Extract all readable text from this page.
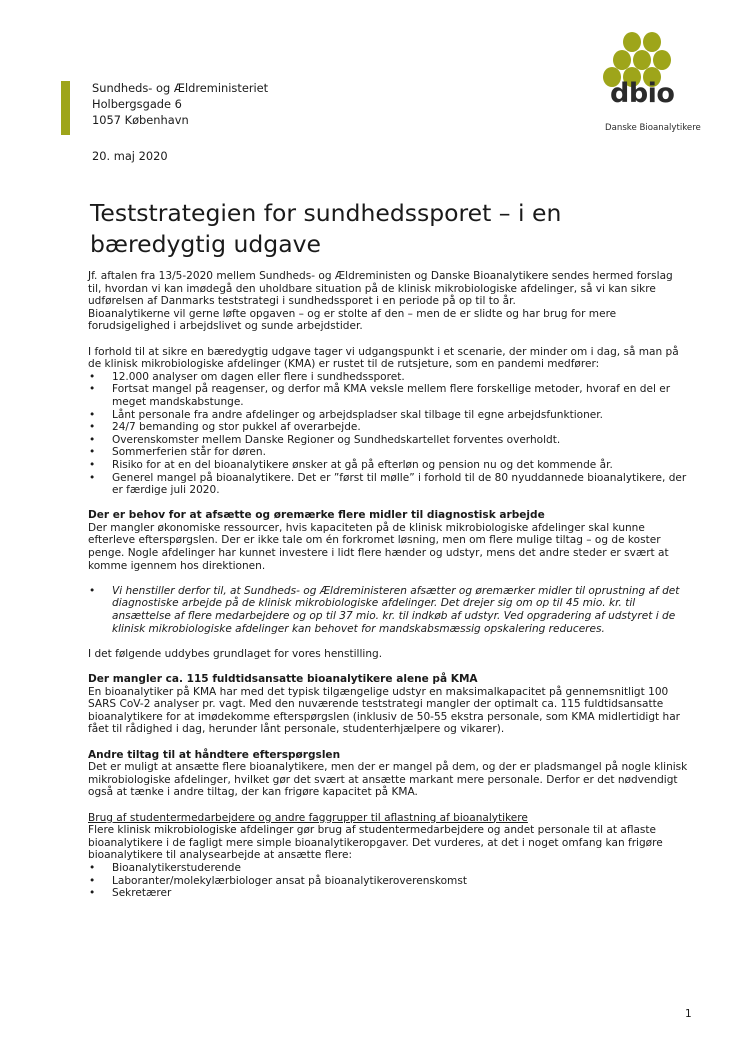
Sundheds- og Ældreministeriet
Holbergsgade 6
1057 København
20. maj 2020
dbio
Danske Bioanalytikere
Teststrategien for sundhedssporet – i en bæredygtig udgave

Jf. aftalen fra 13/5-2020 mellem Sundheds- og Ældreministen og Danske Bioanalytikere sendes hermed forslag til, hvordan vi kan imødegå den uholdbare situation på de klinisk mikrobiologiske afdelinger, så vi kan sikre udførelsen af Danmarks teststrategi i sundhedssporet i en periode på op til to år.

Bioanalytikerne vil gerne løfte opgaven – og er stolte af den – men de er slidte og har brug for mere forudsigelighed i arbejdslivet og sunde arbejdstider.

I forhold til at sikre en bæredygtig udgave tager vi udgangspunkt i et scenarie, der minder om i dag, så man på de klinisk mikrobiologiske afdelinger (KMA) er rustet til de rutsjeture, som en pandemi medfører:

• 12.000 analyser om dagen eller flere i sundhedssporet.
• Fortsat mangel på reagenser, og derfor må KMA veksle mellem flere forskellige metoder, hvoraf en del er meget mandskabstunge.
• Lånt personale fra andre afdelinger og arbejdspladser skal tilbage til egne arbejdsfunktioner.
• 24/7 bemanding og stor pukkel af overarbejde.
• Overenskomster mellem Danske Regioner og Sundhedskartellet forventes overholdt.
• Sommerferien står for døren.
• Risiko for at en del bioanalytikere ønsker at gå på efterløn og pension nu og det kommende år.
• Generel mangel på bioanalytikere. Det er ”først til mølle” i forhold til de 80 nyuddannede bioanalytikere, der er færdige juli 2020.

Der er behov for at afsætte og øremærke flere midler til diagnostisk arbejde

Der mangler økonomiske ressourcer, hvis kapaciteten på de klinisk mikrobiologiske afdelinger skal kunne efterleve efterspørgslen. Der er ikke tale om én forkromet løsning, men om flere mulige tiltag – og de koster penge. Nogle afdelinger har kunnet investere i lidt flere hænder og udstyr, mens det andre steder er svært at komme igennem hos direktionen.

• Vi henstiller derfor til, at Sundheds- og Ældreministeren afsætter og øremærker midler til oprustning af det diagnostiske arbejde på de klinisk mikrobiologiske afdelinger. Det drejer sig om op til 45 mio. kr. til ansættelse af flere medarbejdere og op til 37 mio. kr. til indkøb af udstyr. Ved opgradering af udstyret i de klinisk mikrobiologiske afdelinger kan behovet for mandskabsmæssig opskalering reduceres.

I det følgende uddybes grundlaget for vores henstilling.

Der mangler ca. 115 fuldtidsansatte bioanalytikere alene på KMA

En bioanalytiker på KMA har med det typisk tilgængelige udstyr en maksimalkapacitet på gennemsnitligt 100 SARS CoV-2 analyser pr. vagt. Med den nuværende teststrategi mangler der optimalt ca. 115 fuldtidsansatte bioanalytikere for at imødekomme efterspørgslen (inklusiv de 50-55 ekstra personale, som KMA midlertidigt har fået til rådighed i dag, herunder lånt personale, studenterhjælpere og vikarer).

Andre tiltag til at håndtere efterspørgslen

Det er muligt at ansætte flere bioanalytikere, men der er mangel på dem, og der er pladsmangel på nogle klinisk mikrobiologiske afdelinger, hvilket gør det svært at ansætte markant mere personale. Derfor er det nødvendigt også at tænke i andre tiltag, der kan frigøre kapacitet på KMA.

Brug af studentermedarbejdere og andre faggrupper til aflastning af bioanalytikere

Flere klinisk mikrobiologiske afdelinger gør brug af studentermedarbejdere og andet personale til at aflaste bioanalytikere i de fagligt mere simple bioanalytikeropgaver. Det vurderes, at det i noget omfang kan frigøre bioanalytikere til analysearbejde at ansætte flere:

• Bioanalytikerstuderende
• Laboranter/molekylærbiologer ansat på bioanalytikeroverenskomst
• Sekretærer
1
